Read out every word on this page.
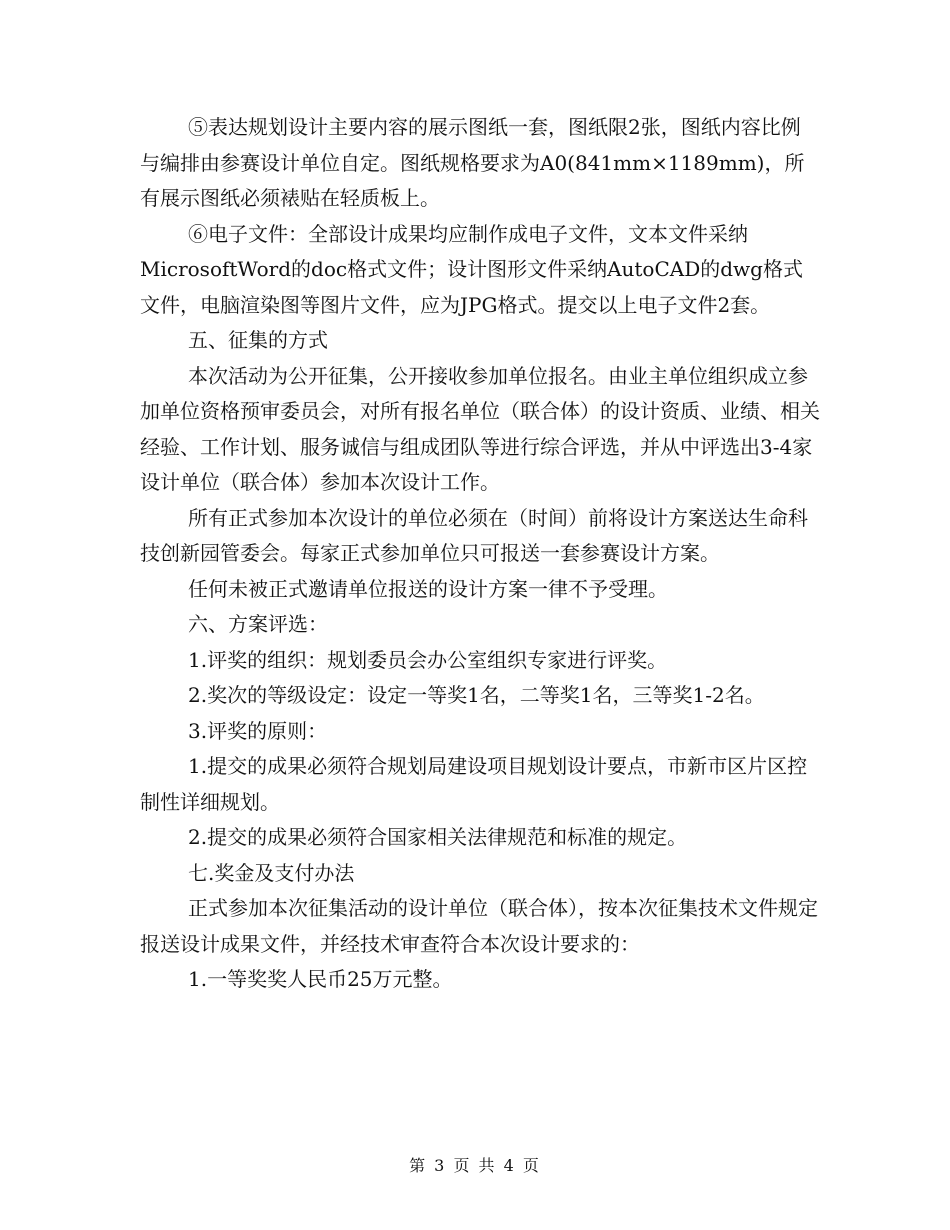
⑤表达规划设计主要内容的展示图纸一套，图纸限2张，图纸内容比例与编排由参赛设计单位自定。图纸规格要求为A0(841mm×1189mm)，所有展示图纸必须裱贴在轻质板上。

⑥电子文件：全部设计成果均应制作成电子文件，文本文件采纳MicrosoftWord的doc格式文件；设计图形文件采纳AutoCAD的dwg格式文件，电脑渲染图等图片文件，应为JPG格式。提交以上电子文件2套。

五、征集的方式

本次活动为公开征集，公开接收参加单位报名。由业主单位组织成立参加单位资格预审委员会，对所有报名单位（联合体）的设计资质、业绩、相关经验、工作计划、服务诚信与组成团队等进行综合评选，并从中评选出3-4家设计单位（联合体）参加本次设计工作。

所有正式参加本次设计的单位必须在（时间）前将设计方案送达生命科技创新园管委会。每家正式参加单位只可报送一套参赛设计方案。

任何未被正式邀请单位报送的设计方案一律不予受理。

六、方案评选：

1.评奖的组织：规划委员会办公室组织专家进行评奖。

2.奖次的等级设定：设定一等奖1名，二等奖1名，三等奖1-2名。

3.评奖的原则：

1.提交的成果必须符合规划局建设项目规划设计要点，市新市区片区控制性详细规划。

2.提交的成果必须符合国家相关法律规范和标准的规定。

七.奖金及支付办法

正式参加本次征集活动的设计单位（联合体），按本次征集技术文件规定报送设计成果文件，并经技术审查符合本次设计要求的：

1.一等奖奖人民币25万元整。

第 3 页 共 4 页
